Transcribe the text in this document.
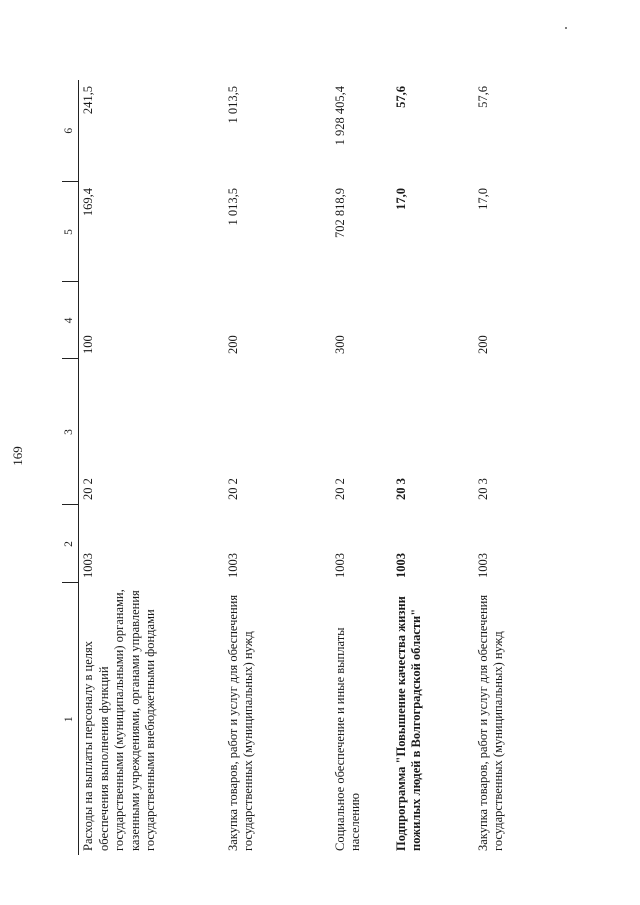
169
1	2	3	4	5	6
Расходы на выплаты персоналу в целях обеспечения выполнения функций государственными (муниципальными) органами, казенными учреждениями, органами управления государственными внебюджетными фондами	1003	20 2	100	169,4	241,5
Закупка товаров, работ и услуг для обеспечения государственных (муниципальных) нужд	1003	20 2	200	1 013,5	1 013,5
Социальное обеспечение и иные выплаты населению	1003	20 2	300	702 818,9	1 928 405,4
Подпрограмма "Повышение качества жизни пожилых людей в Волгоградской области"	1003	20 3		17,0	57,6
Закупка товаров, работ и услуг для обеспечения государственных (муниципальных) нужд	1003	20 3	200	17,0	57,6
